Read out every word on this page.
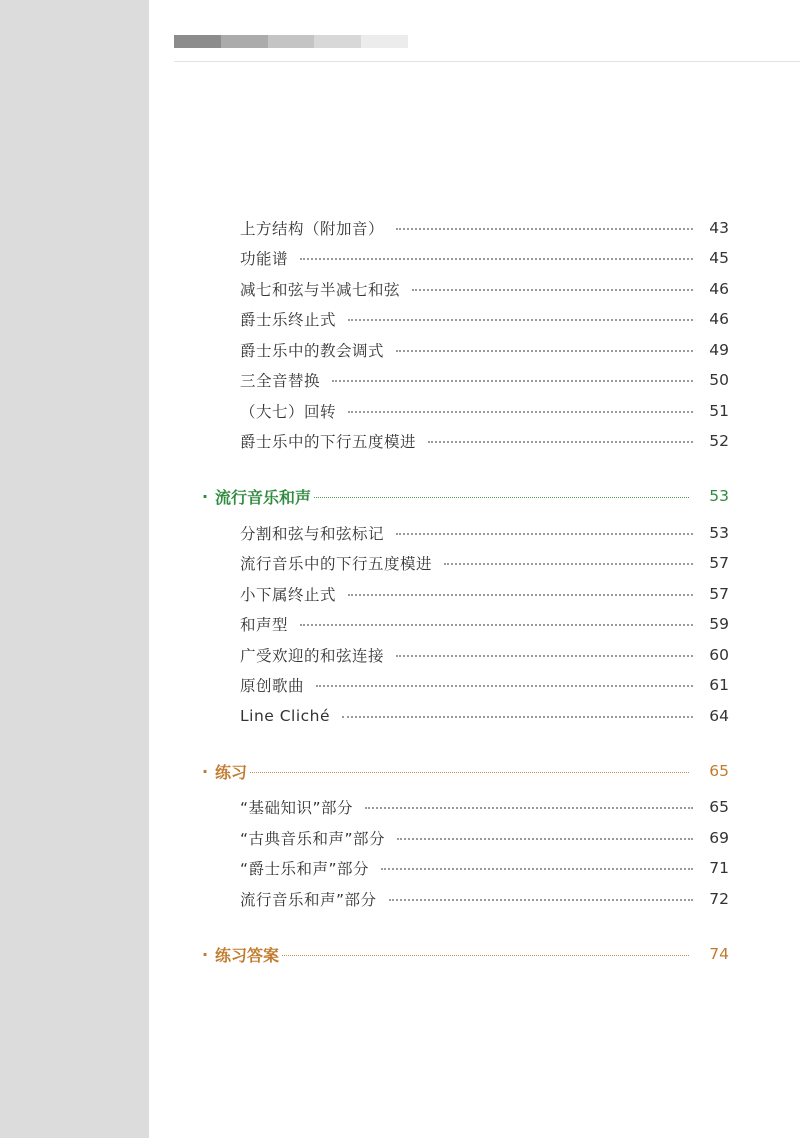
上方结构（附加音）	43
功能谱	45
减七和弦与半减七和弦	46
爵士乐终止式	46
爵士乐中的教会调式	49
三全音替换	50
（大七）回转	51
爵士乐中的下行五度模进	52
· 流行音乐和声	53
分割和弦与和弦标记	53
流行音乐中的下行五度模进	57
小下属终止式	57
和声型	59
广受欢迎的和弦连接	60
原创歌曲	61
Line Cliché	64
· 练习	65
“基础知识”部分	65
“古典音乐和声”部分	69
“爵士乐和声”部分	71
流行音乐和声”部分	72
· 练习答案	74
